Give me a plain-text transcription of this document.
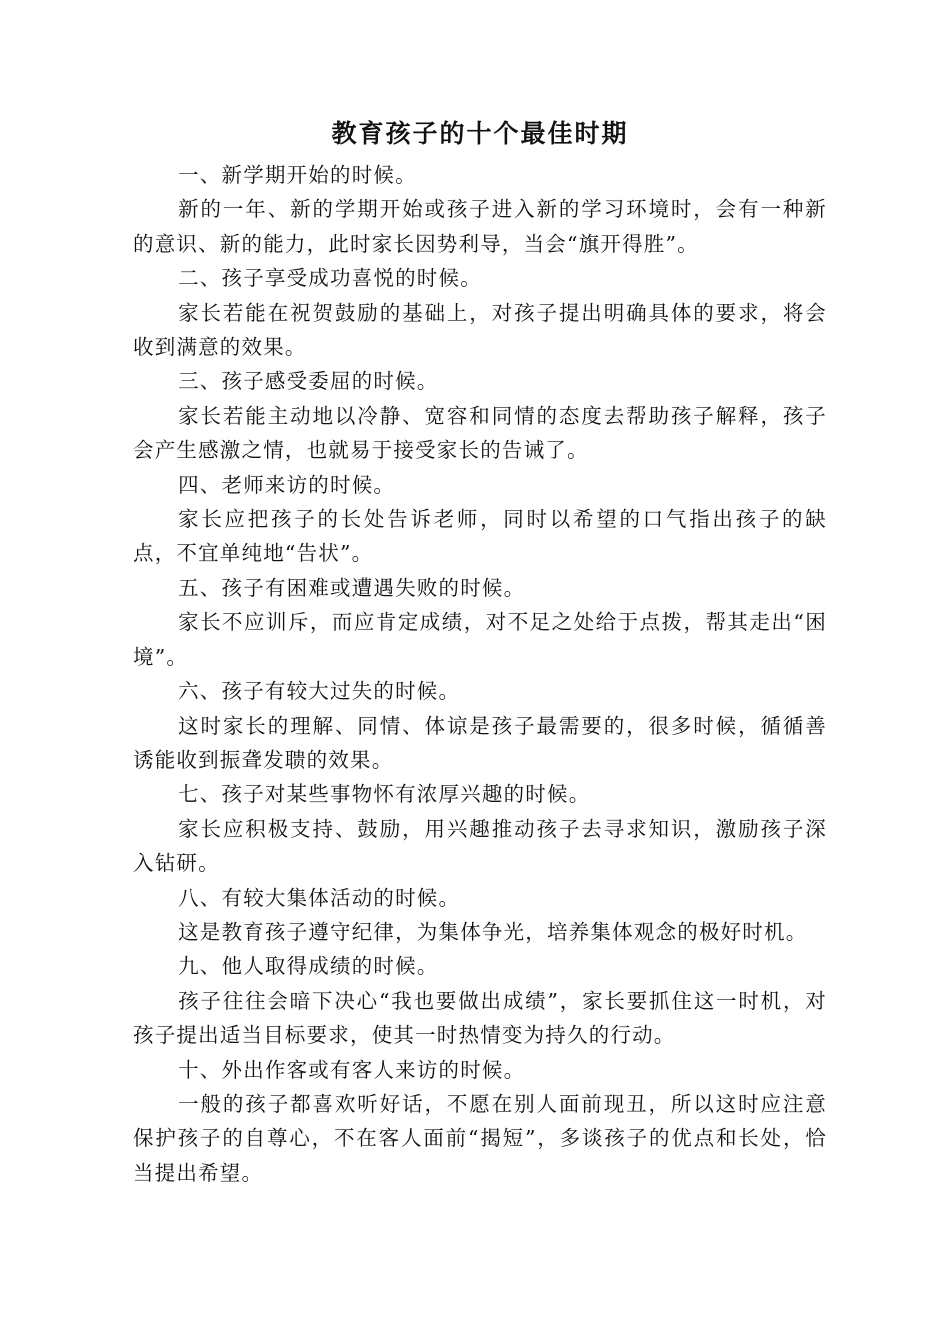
教育孩子的十个最佳时期

一、新学期开始的时候。

新的一年、新的学期开始或孩子进入新的学习环境时，会有一种新的意识、新的能力，此时家长因势利导，当会“旗开得胜”。

二、孩子享受成功喜悦的时候。

家长若能在祝贺鼓励的基础上，对孩子提出明确具体的要求，将会收到满意的效果。

三、孩子感受委屈的时候。

家长若能主动地以冷静、宽容和同情的态度去帮助孩子解释，孩子会产生感激之情，也就易于接受家长的告诫了。

四、老师来访的时候。

家长应把孩子的长处告诉老师，同时以希望的口气指出孩子的缺点，不宜单纯地“告状”。

五、孩子有困难或遭遇失败的时候。

家长不应训斥，而应肯定成绩，对不足之处给于点拨，帮其走出“困境”。

六、孩子有较大过失的时候。

这时家长的理解、同情、体谅是孩子最需要的，很多时候，循循善诱能收到振聋发聩的效果。

七、孩子对某些事物怀有浓厚兴趣的时候。

家长应积极支持、鼓励，用兴趣推动孩子去寻求知识，激励孩子深入钻研。

八、有较大集体活动的时候。

这是教育孩子遵守纪律，为集体争光，培养集体观念的极好时机。

九、他人取得成绩的时候。

孩子往往会暗下决心“我也要做出成绩”，家长要抓住这一时机，对孩子提出适当目标要求，使其一时热情变为持久的行动。

十、外出作客或有客人来访的时候。

一般的孩子都喜欢听好话，不愿在别人面前现丑，所以这时应注意保护孩子的自尊心，不在客人面前“揭短”，多谈孩子的优点和长处，恰当提出希望。
